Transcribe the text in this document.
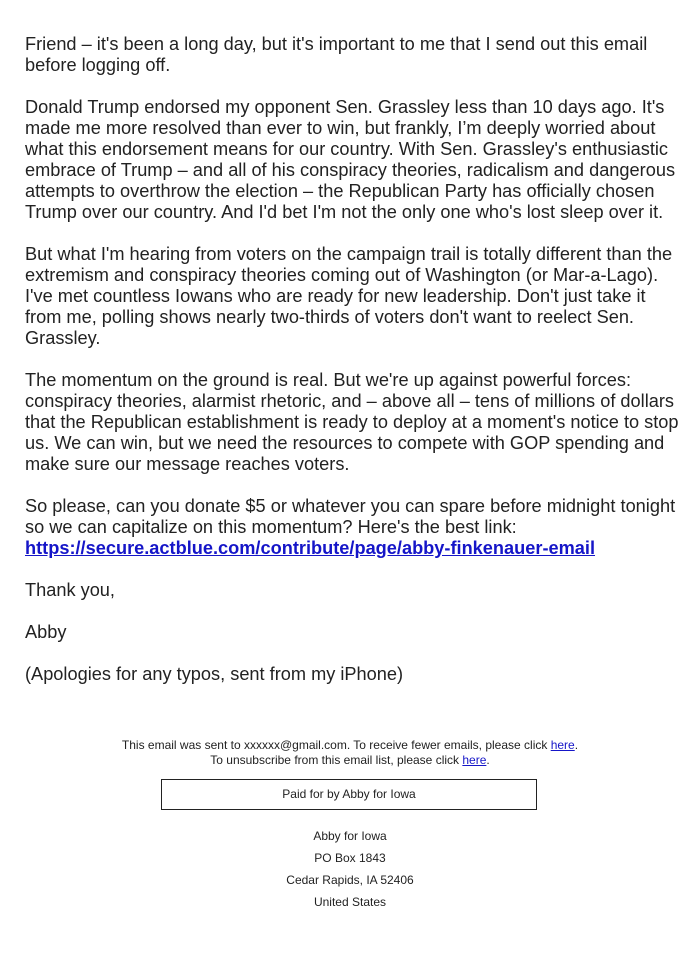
Friend – it's been a long day, but it's important to me that I send out this email before logging off.

Donald Trump endorsed my opponent Sen. Grassley less than 10 days ago. It's made me more resolved than ever to win, but frankly, I’m deeply worried about what this endorsement means for our country. With Sen. Grassley's enthusiastic embrace of Trump – and all of his conspiracy theories, radicalism and dangerous attempts to overthrow the election – the Republican Party has officially chosen Trump over our country. And I'd bet I'm not the only one who's lost sleep over it.

But what I'm hearing from voters on the campaign trail is totally different than the extremism and conspiracy theories coming out of Washington (or Mar-a-Lago). I've met countless Iowans who are ready for new leadership. Don't just take it from me, polling shows nearly two-thirds of voters don't want to reelect Sen. Grassley.

The momentum on the ground is real. But we're up against powerful forces: conspiracy theories, alarmist rhetoric, and – above all – tens of millions of dollars that the Republican establishment is ready to deploy at a moment's notice to stop us. We can win, but we need the resources to compete with GOP spending and make sure our message reaches voters.

So please, can you donate $5 or whatever you can spare before midnight tonight so we can capitalize on this momentum? Here's the best link:
https://secure.actblue.com/contribute/page/abby-finkenauer-email

Thank you,

Abby

(Apologies for any typos, sent from my iPhone)

This email was sent to xxxxxx@gmail.com. To receive fewer emails, please click here.
To unsubscribe from this email list, please click here.
Paid for by Abby for Iowa
Abby for Iowa
PO Box 1843
Cedar Rapids, IA 52406
United States
